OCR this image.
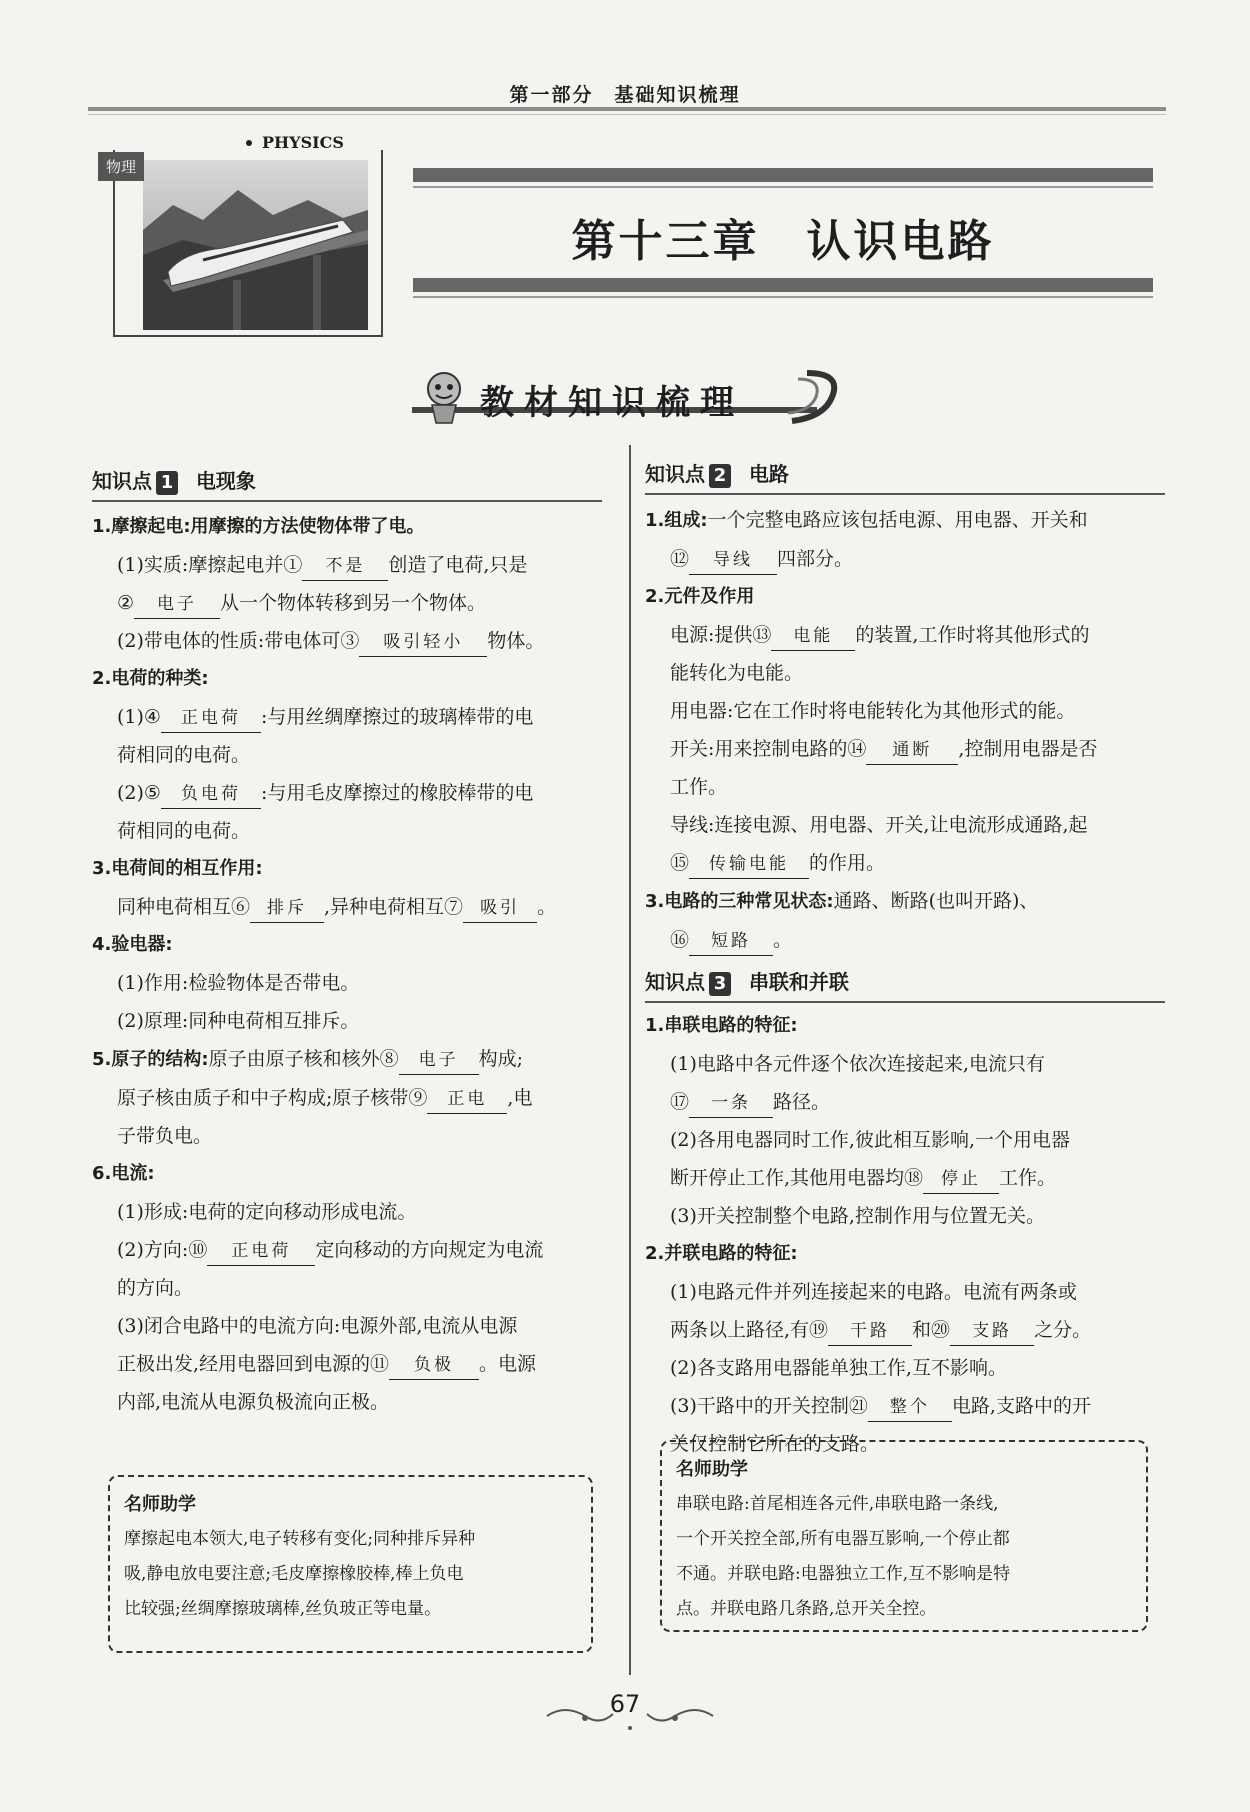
第一部分　基础知识梳理
PHYSICS
物理
第十三章　认识电路
教材知识梳理
知识点 1 电现象
1.摩擦起电:用摩擦的方法使物体带了电。
(1)实质:摩擦起电并① 不是 创造了电荷,只是
② 电子 从一个物体转移到另一个物体。
(2)带电体的性质:带电体可③ 吸引轻小 物体。
2.电荷的种类:
(1)④ 正电荷 :与用丝绸摩擦过的玻璃棒带的电
荷相同的电荷。
(2)⑤ 负电荷 :与用毛皮摩擦过的橡胶棒带的电
荷相同的电荷。
3.电荷间的相互作用:
同种电荷相互⑥ 排斥 ,异种电荷相互⑦ 吸引 。
4.验电器:
(1)作用:检验物体是否带电。
(2)原理:同种电荷相互排斥。
5.原子的结构:原子由原子核和核外⑧ 电子 构成;
原子核由质子和中子构成;原子核带⑨ 正电 ,电
子带负电。
6.电流:
(1)形成:电荷的定向移动形成电流。
(2)方向:⑩ 正电荷 定向移动的方向规定为电流
的方向。
(3)闭合电路中的电流方向:电源外部,电流从电源
正极出发,经用电器回到电源的⑪ 负极 。电源
内部,电流从电源负极流向正极。
名师助学
摩擦起电本领大,电子转移有变化;同种排斥异种
吸,静电放电要注意;毛皮摩擦橡胶棒,棒上负电
比较强;丝绸摩擦玻璃棒,丝负玻正等电量。
知识点 2 电路
1.组成:一个完整电路应该包括电源、用电器、开关和
⑫ 导线 四部分。
2.元件及作用
电源:提供⑬ 电能 的装置,工作时将其他形式的
能转化为电能。
用电器:它在工作时将电能转化为其他形式的能。
开关:用来控制电路的⑭ 通断 ,控制用电器是否
工作。
导线:连接电源、用电器、开关,让电流形成通路,起
⑮ 传输电能 的作用。
3.电路的三种常见状态:通路、断路(也叫开路)、
⑯ 短路 。
知识点 3 串联和并联
1.串联电路的特征:
(1)电路中各元件逐个依次连接起来,电流只有
⑰ 一条 路径。
(2)各用电器同时工作,彼此相互影响,一个用电器
断开停止工作,其他用电器均⑱ 停止 工作。
(3)开关控制整个电路,控制作用与位置无关。
2.并联电路的特征:
(1)电路元件并列连接起来的电路。电流有两条或
两条以上路径,有⑲ 干路 和⑳ 支路 之分。
(2)各支路用电器能单独工作,互不影响。
(3)干路中的开关控制㉑ 整个 电路,支路中的开
关仅控制它所在的支路。
名师助学
串联电路:首尾相连各元件,串联电路一条线,
一个开关控全部,所有电器互影响,一个停止都
不通。并联电路:电器独立工作,互不影响是特
点。并联电路几条路,总开关全控。
67
